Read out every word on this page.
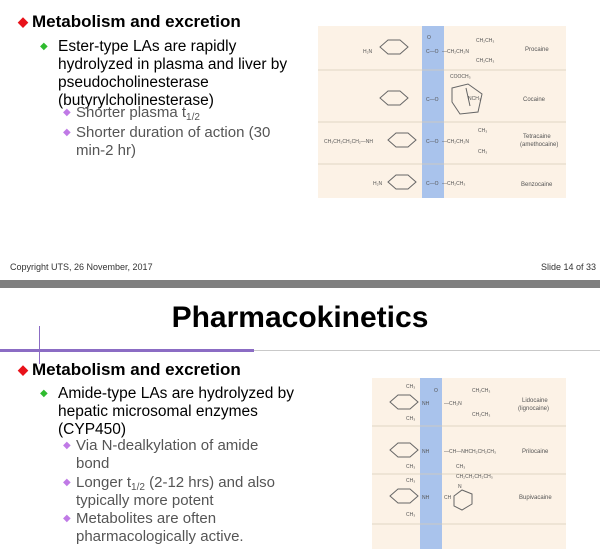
◆ Metabolism and excretion
◆ Ester-type LAs are rapidly
hydrolyzed in plasma and liver by
pseudocholinesterase
(butyrylcholinesterase)
◆ Shorter plasma $t_{1/2}$
◆ Shorter duration of action (30
min-2 hr)
H₂N	C—O
O
—CH₂CH₂N
CH₂CH₃
CH₂CH₃
Procaine
C—O
COOCH₃
NCH₃	Cocaine
CH₃CH₂CH₂CH₂—NH	C—O —CH₂CH₂N
CH₃
CH₃
Tetracaine
(amethocaine)
H₂N	C—O —CH₂CH₃	Benzocaine
Copyright UTS, 26 November, 2017	Slide 14 of 33
Pharmacokinetics
◆ Metabolism and excretion
◆ Amide-type LAs are hydrolyzed by
hepatic microsomal enzymes
(CYP450)
◆ Via N-dealkylation of amide
bond
◆ Longer $t_{1/2}$ (2-12 hrs) and also
typically more potent
◆ Metabolites are often
pharmacologically active.
CH₃
CH₃
NH
O
—CH₂N
CH₂CH₃
CH₂CH₃
Lidocaine
(lignocaine)
CH₃
NH	—CH—NHCH₂CH₂CH₃
CH₃
Prilocaine
CH₃
CH₃
NH	CH
CH₂CH₂CH₂CH₃
N
Bupivacaine
